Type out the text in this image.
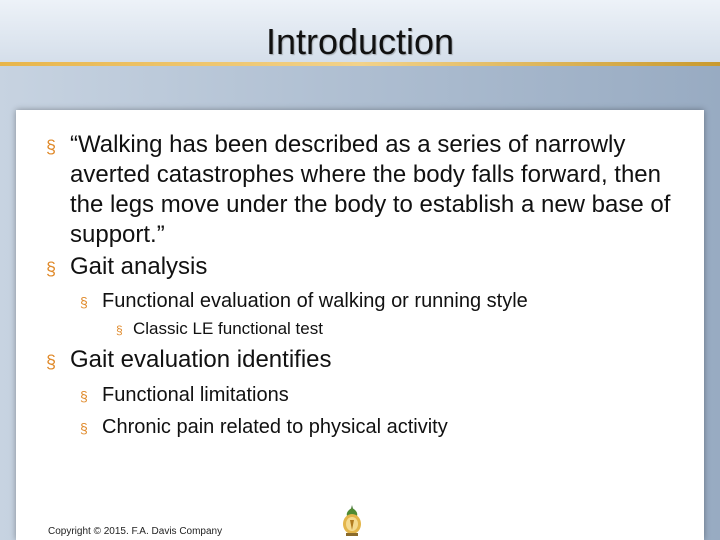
Introduction
§ “Walking has been described as a series of narrowly averted catastrophes where the body falls forward, then the legs move under the body to establish a new base of support.”
§ Gait analysis
§ Functional evaluation of walking or running style
§ Classic LE functional test
§ Gait evaluation identifies
§ Functional limitations
§ Chronic pain related to physical activity
Copyright © 2015. F.A. Davis Company
